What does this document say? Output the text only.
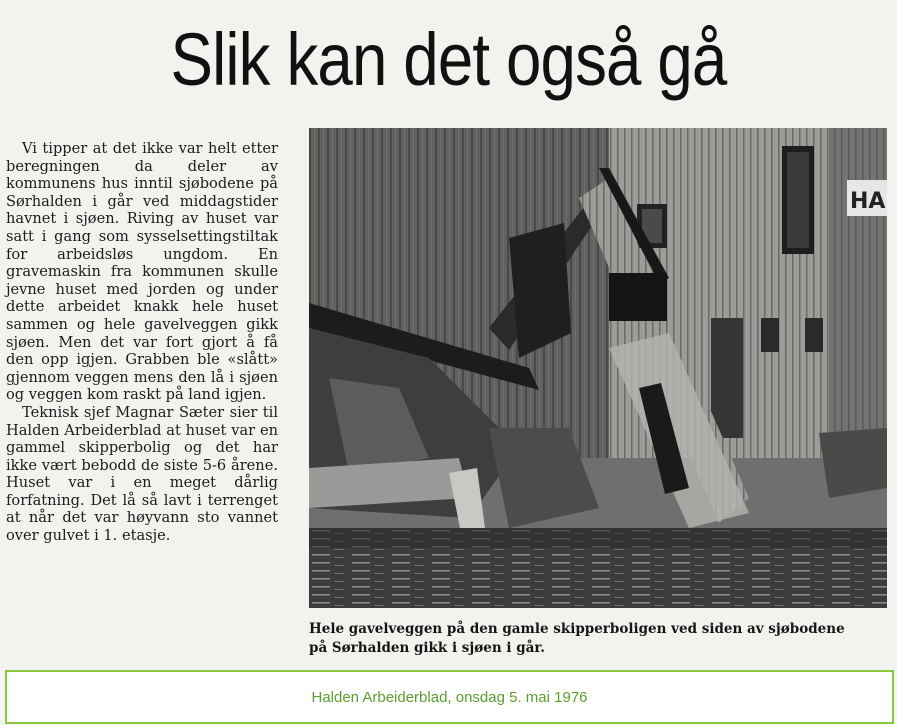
Slik kan det også gå

Vi tipper at det ikke var helt etter beregningen da deler av kommunens hus inntil sjøbodene på Sørhalden i går ved middagstider havnet i sjøen. Riving av huset var satt i gang som sysselsettingstiltak for arbeidsløs ungdom. En gravemaskin fra kommunen skulle jevne huset med jorden og under dette arbeidet knakk hele huset sammen og hele gavelveggen gikk sjøen. Men det var fort gjort å få den opp igjen. Grabben ble «slått» gjennom veggen mens den lå i sjøen og veggen kom raskt på land igjen.

Teknisk sjef Magnar Sæter sier til Halden Arbeiderblad at huset var en gammel skipperbolig og det har ikke vært bebodd de siste 5-6 årene. Huset var i en meget dårlig forfatning. Det lå så lavt i terrenget at når det var høyvann sto vannet over gulvet i 1. etasje.

HA
Hele gavelveggen på den gamle skipperboligen ved siden av sjøbodene
på Sørhalden gikk i sjøen i går.
Halden Arbeiderblad, onsdag 5. mai 1976
